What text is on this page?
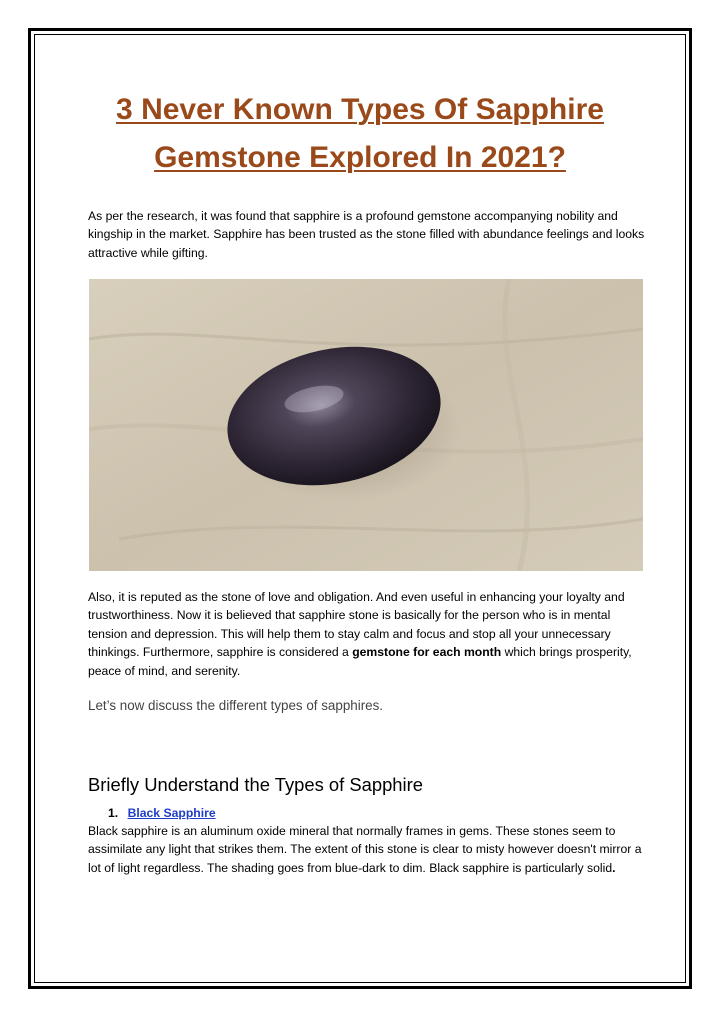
3 Never Known Types Of Sapphire
Gemstone Explored In 2021?
As per the research, it was found that sapphire is a profound gemstone accompanying nobility and kingship in the market. Sapphire has been trusted as the stone filled with abundance feelings and looks attractive while gifting.
Also, it is reputed as the stone of love and obligation. And even useful in enhancing your loyalty and trustworthiness. Now it is believed that sapphire stone is basically for the person who is in mental tension and depression. This will help them to stay calm and focus and stop all your unnecessary thinkings. Furthermore, sapphire is considered a gemstone for each month which brings prosperity, peace of mind, and serenity.
Let’s now discuss the different types of sapphires.
Briefly Understand the Types of Sapphire
1. Black Sapphire
Black sapphire is an aluminum oxide mineral that normally frames in gems. These stones seem to assimilate any light that strikes them. The extent of this stone is clear to misty however doesn't mirror a lot of light regardless. The shading goes from blue-dark to dim. Black sapphire is particularly solid.
